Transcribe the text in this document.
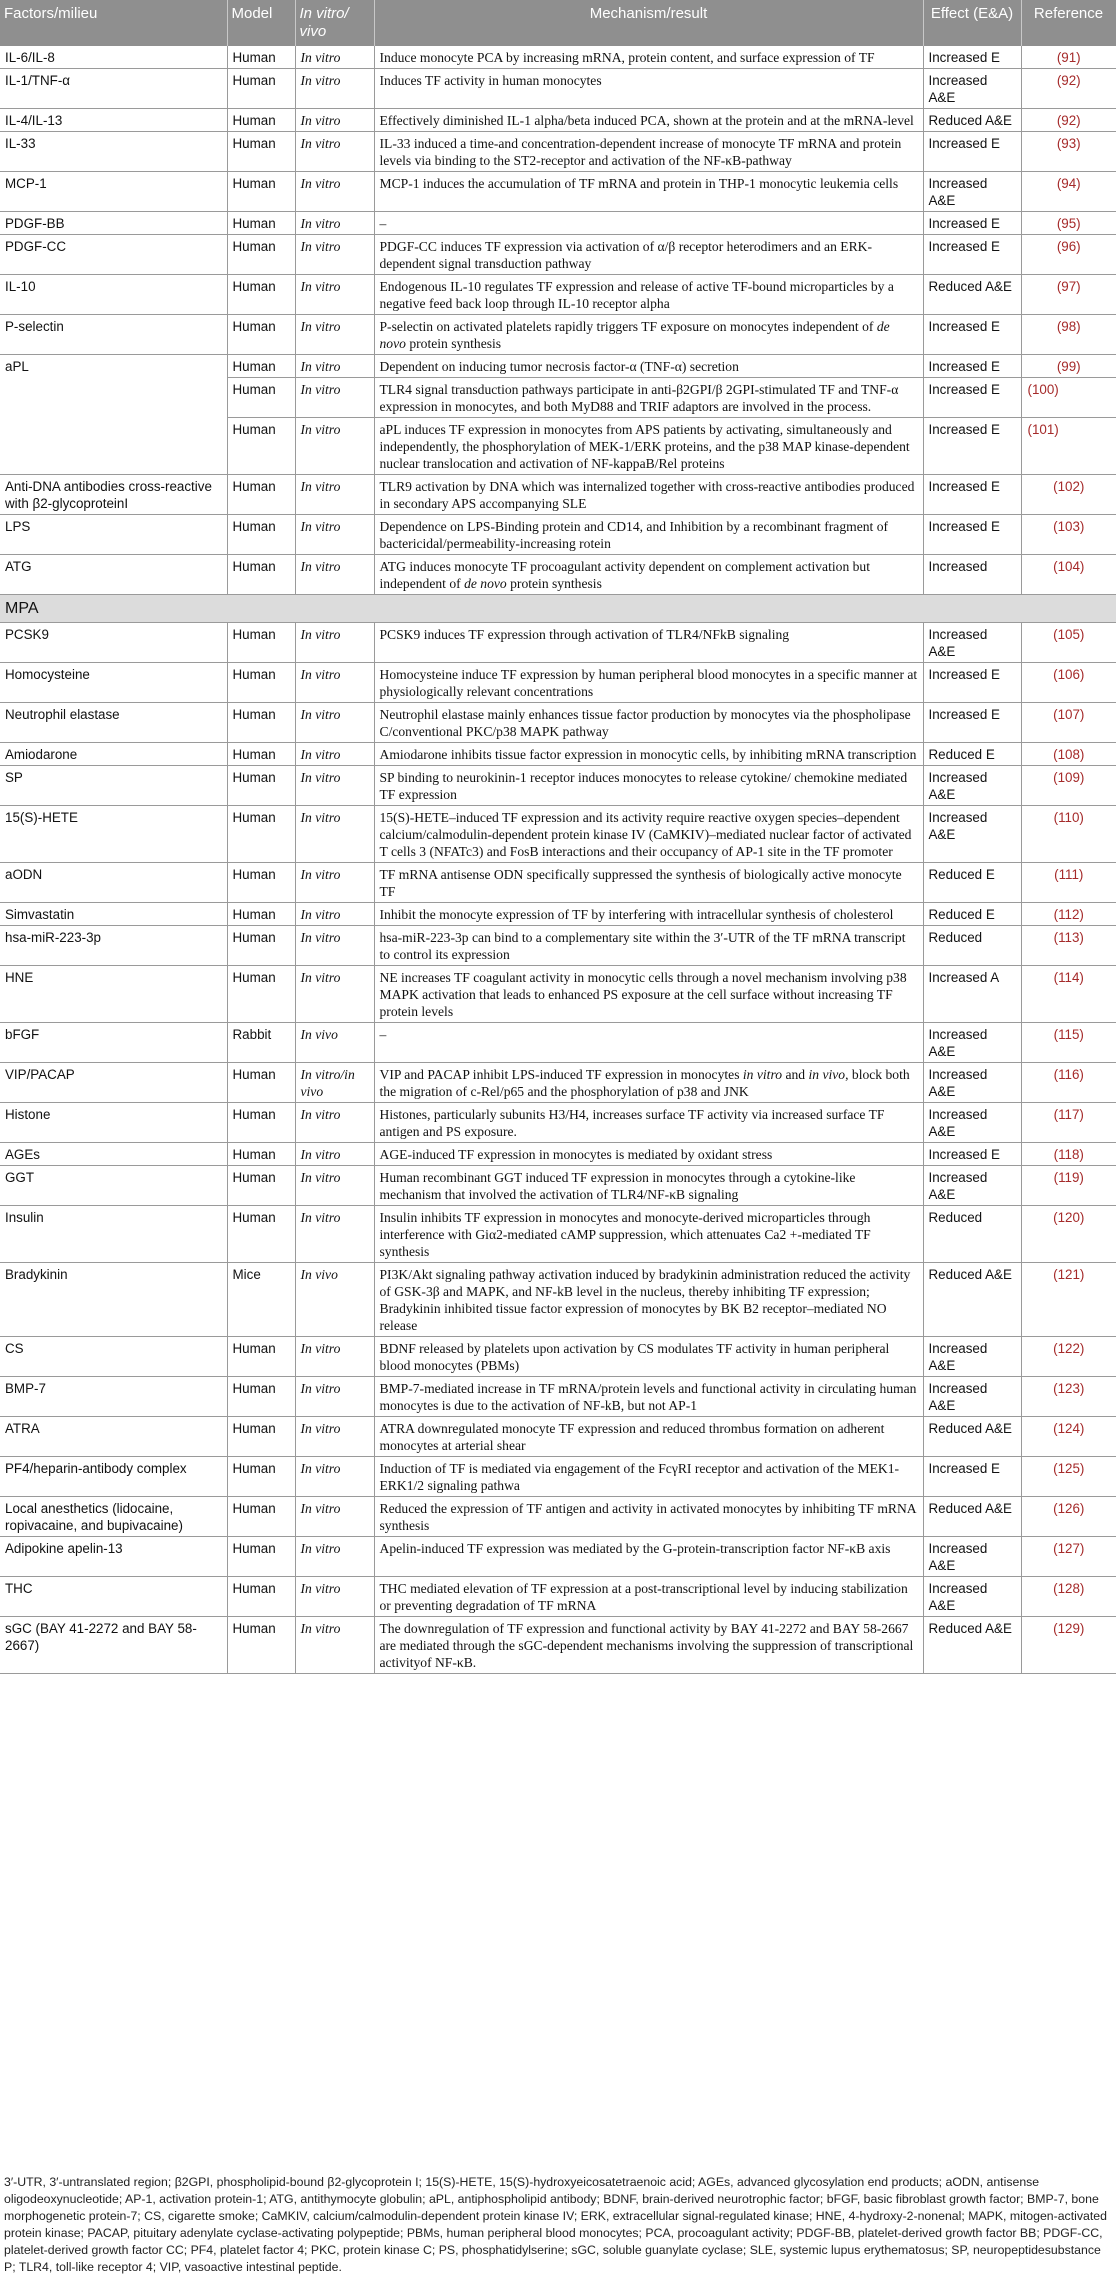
Factors/milieu	Model	In vitro/ vivo	Mechanism/result	Effect (E&A)	Reference
IL-6/IL-8	Human	In vitro	Induce monocyte PCA by increasing mRNA, protein content, and surface expression of TF	Increased E	(91)
IL-1/TNF-α	Human	In vitro	Induces TF activity in human monocytes	Increased A&E	(92)
IL-4/IL-13	Human	In vitro	Effectively diminished IL-1 alpha/beta induced PCA, shown at the protein and at the mRNA-level	Reduced A&E	(92)
IL-33	Human	In vitro	IL-33 induced a time-and concentration-dependent increase of monocyte TF mRNA and protein levels via binding to the ST2-receptor and activation of the NF-κB-pathway	Increased E	(93)
MCP-1	Human	In vitro	MCP-1 induces the accumulation of TF mRNA and protein in THP-1 monocytic leukemia cells	Increased A&E	(94)
PDGF-BB	Human	In vitro	–	Increased E	(95)
PDGF-CC	Human	In vitro	PDGF-CC induces TF expression via activation of α/β receptor heterodimers and an ERK-dependent signal transduction pathway	Increased E	(96)
IL-10	Human	In vitro	Endogenous IL-10 regulates TF expression and release of active TF-bound microparticles by a negative feed back loop through IL-10 receptor alpha	Reduced A&E	(97)
P-selectin	Human	In vitro	P-selectin on activated platelets rapidly triggers TF exposure on monocytes independent of de novo protein synthesis	Increased E	(98)
aPL	Human	In vitro	Dependent on inducing tumor necrosis factor-α (TNF-α) secretion	Increased E	(99)
	Human	In vitro	TLR4 signal transduction pathways participate in anti-β2GPI/β 2GPI-stimulated TF and TNF-α expression in monocytes, and both MyD88 and TRIF adaptors are involved in the process.	Increased E	(100)
	Human	In vitro	aPL induces TF expression in monocytes from APS patients by activating, simultaneously and independently, the phosphorylation of MEK-1/ERK proteins, and the p38 MAP kinase-dependent nuclear translocation and activation of NF-kappaB/Rel proteins	Increased E	(101)
Anti-DNA antibodies cross-reactive with β2-glycoproteinI	Human	In vitro	TLR9 activation by DNA which was internalized together with cross-reactive antibodies produced in secondary APS accompanying SLE	Increased E	(102)
LPS	Human	In vitro	Dependence on LPS-Binding protein and CD14, and Inhibition by a recombinant fragment of bactericidal/permeability-increasing rotein	Increased E	(103)
ATG	Human	In vitro	ATG induces monocyte TF procoagulant activity dependent on complement activation but independent of de novo protein synthesis	Increased	(104)
MPA					
PCSK9	Human	In vitro	PCSK9 induces TF expression through activation of TLR4/NFkB signaling	Increased A&E	(105)
Homocysteine	Human	In vitro	Homocysteine induce TF expression by human peripheral blood monocytes in a specific manner at physiologically relevant concentrations	Increased E	(106)
Neutrophil elastase	Human	In vitro	Neutrophil elastase mainly enhances tissue factor production by monocytes via the phospholipase C/conventional PKC/p38 MAPK pathway	Increased E	(107)
Amiodarone	Human	In vitro	Amiodarone inhibits tissue factor expression in monocytic cells, by inhibiting mRNA transcription	Reduced E	(108)
SP	Human	In vitro	SP binding to neurokinin-1 receptor induces monocytes to release cytokine/ chemokine mediated TF expression	Increased A&E	(109)
15(S)-HETE	Human	In vitro	15(S)-HETE–induced TF expression and its activity require reactive oxygen species–dependent calcium/calmodulin-dependent protein kinase IV (CaMKIV)–mediated nuclear factor of activated T cells 3 (NFATc3) and FosB interactions and their occupancy of AP-1 site in the TF promoter	Increased A&E	(110)
aODN	Human	In vitro	TF mRNA antisense ODN specifically suppressed the synthesis of biologically active monocyte TF	Reduced E	(111)
Simvastatin	Human	In vitro	Inhibit the monocyte expression of TF by interfering with intracellular synthesis of cholesterol	Reduced E	(112)
hsa-miR-223-3p	Human	In vitro	hsa-miR-223-3p can bind to a complementary site within the 3′-UTR of the TF mRNA transcript to control its expression	Reduced	(113)
HNE	Human	In vitro	NE increases TF coagulant activity in monocytic cells through a novel mechanism involving p38 MAPK activation that leads to enhanced PS exposure at the cell surface without increasing TF protein levels	Increased A	(114)
bFGF	Rabbit	In vivo	–	Increased A&E	(115)
VIP/PACAP	Human	In vitro/in vivo	VIP and PACAP inhibit LPS-induced TF expression in monocytes in vitro and in vivo, block both the migration of c-Rel/p65 and the phosphorylation of p38 and JNK	Increased A&E	(116)
Histone	Human	In vitro	Histones, particularly subunits H3/H4, increases surface TF activity via increased surface TF antigen and PS exposure.	Increased A&E	(117)
AGEs	Human	In vitro	AGE-induced TF expression in monocytes is mediated by oxidant stress	Increased E	(118)
GGT	Human	In vitro	Human recombinant GGT induced TF expression in monocytes through a cytokine-like mechanism that involved the activation of TLR4/NF-κB signaling	Increased A&E	(119)
Insulin	Human	In vitro	Insulin inhibits TF expression in monocytes and monocyte-derived microparticles through interference with Giα2-mediated cAMP suppression, which attenuates Ca2 +-mediated TF synthesis	Reduced	(120)
Bradykinin	Mice	In vivo	PI3K/Akt signaling pathway activation induced by bradykinin administration reduced the activity of GSK-3β and MAPK, and NF-kB level in the nucleus, thereby inhibiting TF expression; Bradykinin inhibited tissue factor expression of monocytes by BK B2 receptor–mediated NO release	Reduced A&E	(121)
CS	Human	In vitro	BDNF released by platelets upon activation by CS modulates TF activity in human peripheral blood monocytes (PBMs)	Increased A&E	(122)
BMP-7	Human	In vitro	BMP-7-mediated increase in TF mRNA/protein levels and functional activity in circulating human monocytes is due to the activation of NF-kB, but not AP-1	Increased A&E	(123)
ATRA	Human	In vitro	ATRA downregulated monocyte TF expression and reduced thrombus formation on adherent monocytes at arterial shear	Reduced A&E	(124)
PF4/heparin-antibody complex	Human	In vitro	Induction of TF is mediated via engagement of the FcγRI receptor and activation of the MEK1-ERK1/2 signaling pathwa	Increased E	(125)
Local anesthetics (lidocaine, ropivacaine, and bupivacaine)	Human	In vitro	Reduced the expression of TF antigen and activity in activated monocytes by inhibiting TF mRNA synthesis	Reduced A&E	(126)
Adipokine apelin-13	Human	In vitro	Apelin-induced TF expression was mediated by the G-protein-transcription factor NF-κB axis	Increased A&E	(127)
THC	Human	In vitro	THC mediated elevation of TF expression at a post-transcriptional level by inducing stabilization or preventing degradation of TF mRNA	Increased A&E	(128)
sGC (BAY 41-2272 and BAY 58-2667)	Human	In vitro	The downregulation of TF expression and functional activity by BAY 41-2272 and BAY 58-2667 are mediated through the sGC-dependent mechanisms involving the suppression of transcriptional activityof NF-κB.	Reduced A&E	(129)
3′-UTR, 3′-untranslated region; β2GPI, phospholipid-bound β2-glycoprotein I; 15(S)-HETE, 15(S)-hydroxyeicosatetraenoic acid; AGEs, advanced glycosylation end products; aODN, antisense oligodeoxynucleotide; AP-1, activation protein-1; ATG, antithymocyte globulin; aPL, antiphospholipid antibody; BDNF, brain-derived neurotrophic factor; bFGF, basic fibroblast growth factor; BMP-7, bone morphogenetic protein-7; CS, cigarette smoke; CaMKIV, calcium/calmodulin-dependent protein kinase IV; ERK, extracellular signal-regulated kinase; HNE, 4-hydroxy-2-nonenal; MAPK, mitogen-activated protein kinase; PACAP, pituitary adenylate cyclase-activating polypeptide; PBMs, human peripheral blood monocytes; PCA, procoagulant activity; PDGF-BB, platelet-derived growth factor BB; PDGF-CC, platelet-derived growth factor CC; PF4, platelet factor 4; PKC, protein kinase C; PS, phosphatidylserine; sGC, soluble guanylate cyclase; SLE, systemic lupus erythematosus; SP, neuropeptidesubstance P; TLR4, toll-like receptor 4; VIP, vasoactive intestinal peptide.
